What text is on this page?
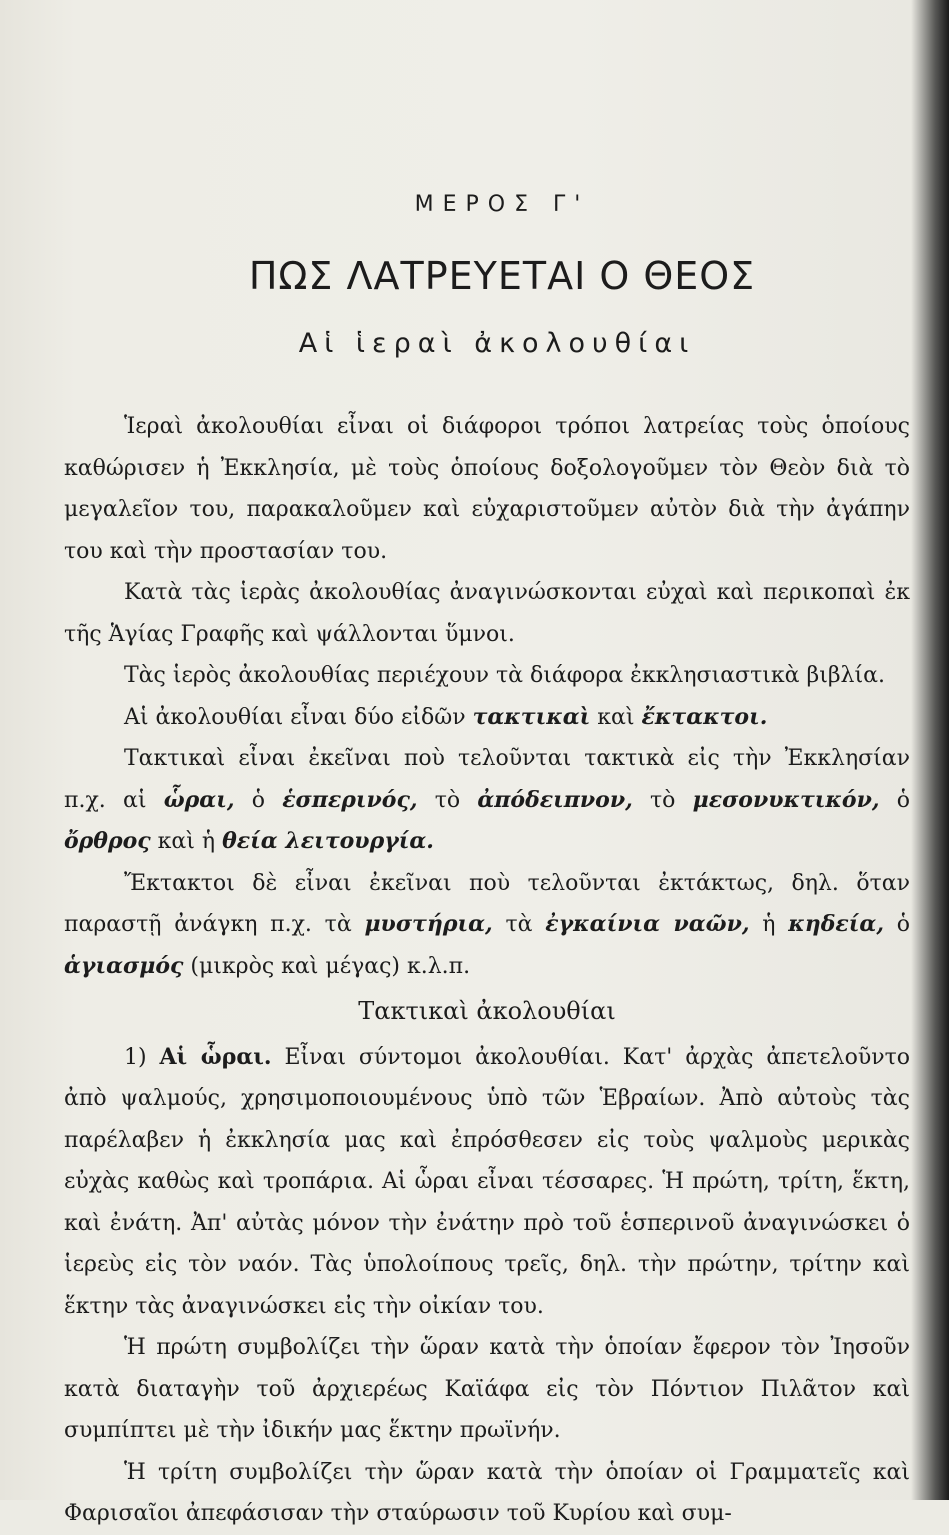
ΜΕΡΟΣ Γ'
ΠΩΣ ΛΑΤΡΕΥΕΤΑΙ Ο ΘΕΟΣ
Αἱ ἱεραὶ ἀκολουθίαι

Ἱεραὶ ἀκολουθίαι εἶναι οἱ διάφοροι τρόποι λατρείας τοὺς ὁποίους καθώρισεν ἡ Ἐκκλησία, μὲ τοὺς ὁποίους δοξολογοῦμεν τὸν Θεὸν διὰ τὸ μεγαλεῖον του, παρακαλοῦμεν καὶ εὐχαριστοῦμεν αὐτὸν διὰ τὴν ἀγάπην του καὶ τὴν προστασίαν του.

Κατὰ τὰς ἱερὰς ἀκολουθίας ἀναγινώσκονται εὐχαὶ καὶ περικοπαὶ ἐκ τῆς Ἁγίας Γραφῆς καὶ ψάλλονται ὕμνοι.

Τὰς ἱερὸς ἀκολουθίας περιέχουν τὰ διάφορα ἐκκλησιαστικὰ βιβλία.

Αἱ ἀκολουθίαι εἶναι δύο εἰδῶν τακτικαὶ καὶ ἔκτακτοι.

Τακτικαὶ εἶναι ἐκεῖναι ποὺ τελοῦνται τακτικὰ εἰς τὴν Ἐκκλησίαν π.χ. αἱ ὧραι, ὁ ἑσπερινός, τὸ ἀπόδειπνον, τὸ μεσονυκτικόν, ὁ ὄρθρος καὶ ἡ θεία λειτουργία.

Ἔκτακτοι δὲ εἶναι ἐκεῖναι ποὺ τελοῦνται ἐκτάκτως, δηλ. ὅταν παραστῇ ἀνάγκη π.χ. τὰ μυστήρια, τὰ ἐγκαίνια ναῶν, ἡ κηδεία, ὁ ἁγιασμός (μικρὸς καὶ μέγας) κ.λ.π.

Τακτικαὶ ἀκολουθίαι

1) Αἱ ὧραι. Εἶναι σύντομοι ἀκολουθίαι. Κατ' ἀρχὰς ἀπετελοῦντο ἀπὸ ψαλμούς, χρησιμοποιουμένους ὑπὸ τῶν Ἑβραίων. Ἀπὸ αὐτοὺς τὰς παρέλαβεν ἡ ἐκκλησία μας καὶ ἐπρόσθεσεν εἰς τοὺς ψαλμοὺς μερικὰς εὐχὰς καθὼς καὶ τροπάρια. Αἱ ὧραι εἶναι τέσσαρες. Ἡ πρώτη, τρίτη, ἕκτη, καὶ ἐνάτη. Ἀπ' αὐτὰς μόνον τὴν ἐνάτην πρὸ τοῦ ἑσπερινοῦ ἀναγινώσκει ὁ ἱερεὺς εἰς τὸν ναόν. Τὰς ὑπολοίπους τρεῖς, δηλ. τὴν πρώτην, τρίτην καὶ ἕκτην τὰς ἀναγινώσκει εἰς τὴν οἰκίαν του.

Ἡ πρώτη συμβολίζει τὴν ὥραν κατὰ τὴν ὁποίαν ἔφερον τὸν Ἰησοῦν κατὰ διαταγὴν τοῦ ἀρχιερέως Καϊάφα εἰς τὸν Πόντιον Πιλᾶτον καὶ συμπίπτει μὲ τὴν ἰδικήν μας ἕκτην πρωϊνήν.

Ἡ τρίτη συμβολίζει τὴν ὥραν κατὰ τὴν ὁποίαν οἱ Γραμματεῖς καὶ Φαρισαῖοι ἀπεφάσισαν τὴν σταύρωσιν τοῦ Κυρίου καὶ συμ-
